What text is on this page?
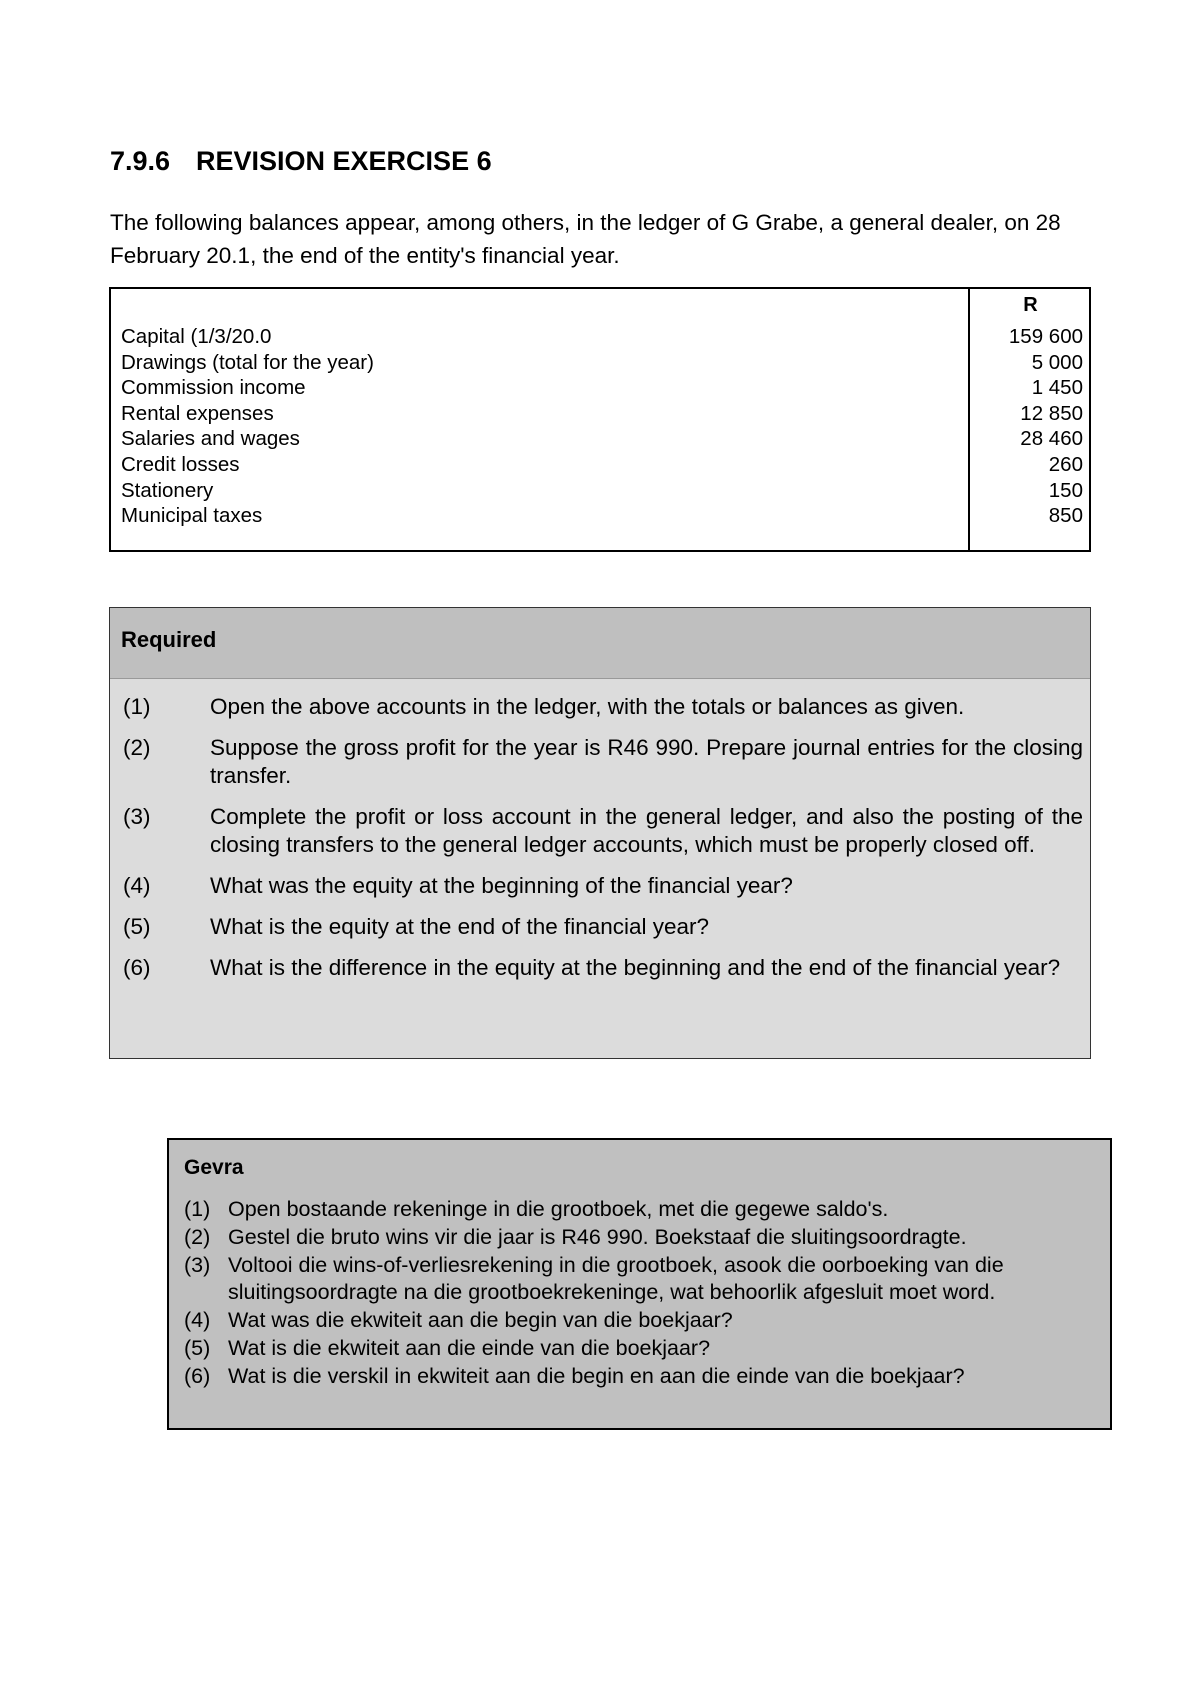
7.9.6 REVISION EXERCISE 6
The following balances appear, among others, in the ledger of G Grabe, a general dealer, on 28 February 20.1, the end of the entity's financial year.
R
Capital (1/3/20.0	159 600
Drawings (total for the year)	5 000
Commission income	1 450
Rental expenses	12 850
Salaries and wages	28 460
Credit losses	260
Stationery	150
Municipal taxes	850
Required
(1)	Open the above accounts in the ledger, with the totals or balances as given.
(2)	Suppose the gross profit for the year is R46 990. Prepare journal entries for the closing transfer.
(3)	Complete the profit or loss account in the general ledger, and also the posting of the closing transfers to the general ledger accounts, which must be properly closed off.
(4)	What was the equity at the beginning of the financial year?
(5)	What is the equity at the end of the financial year?
(6)	What is the difference in the equity at the beginning and the end of the financial year?
Gevra
(1) Open bostaande rekeninge in die grootboek, met die gegewe saldo's.
(2) Gestel die bruto wins vir die jaar is R46 990. Boekstaaf die sluitingsoordragte.
(3) Voltooi die wins-of-verliesrekening in die grootboek, asook die oorboeking van die sluitingsoordragte na die grootboekrekeninge, wat behoorlik afgesluit moet word.
(4) Wat was die ekwiteit aan die begin van die boekjaar?
(5) Wat is die ekwiteit aan die einde van die boekjaar?
(6) Wat is die verskil in ekwiteit aan die begin en aan die einde van die boekjaar?
